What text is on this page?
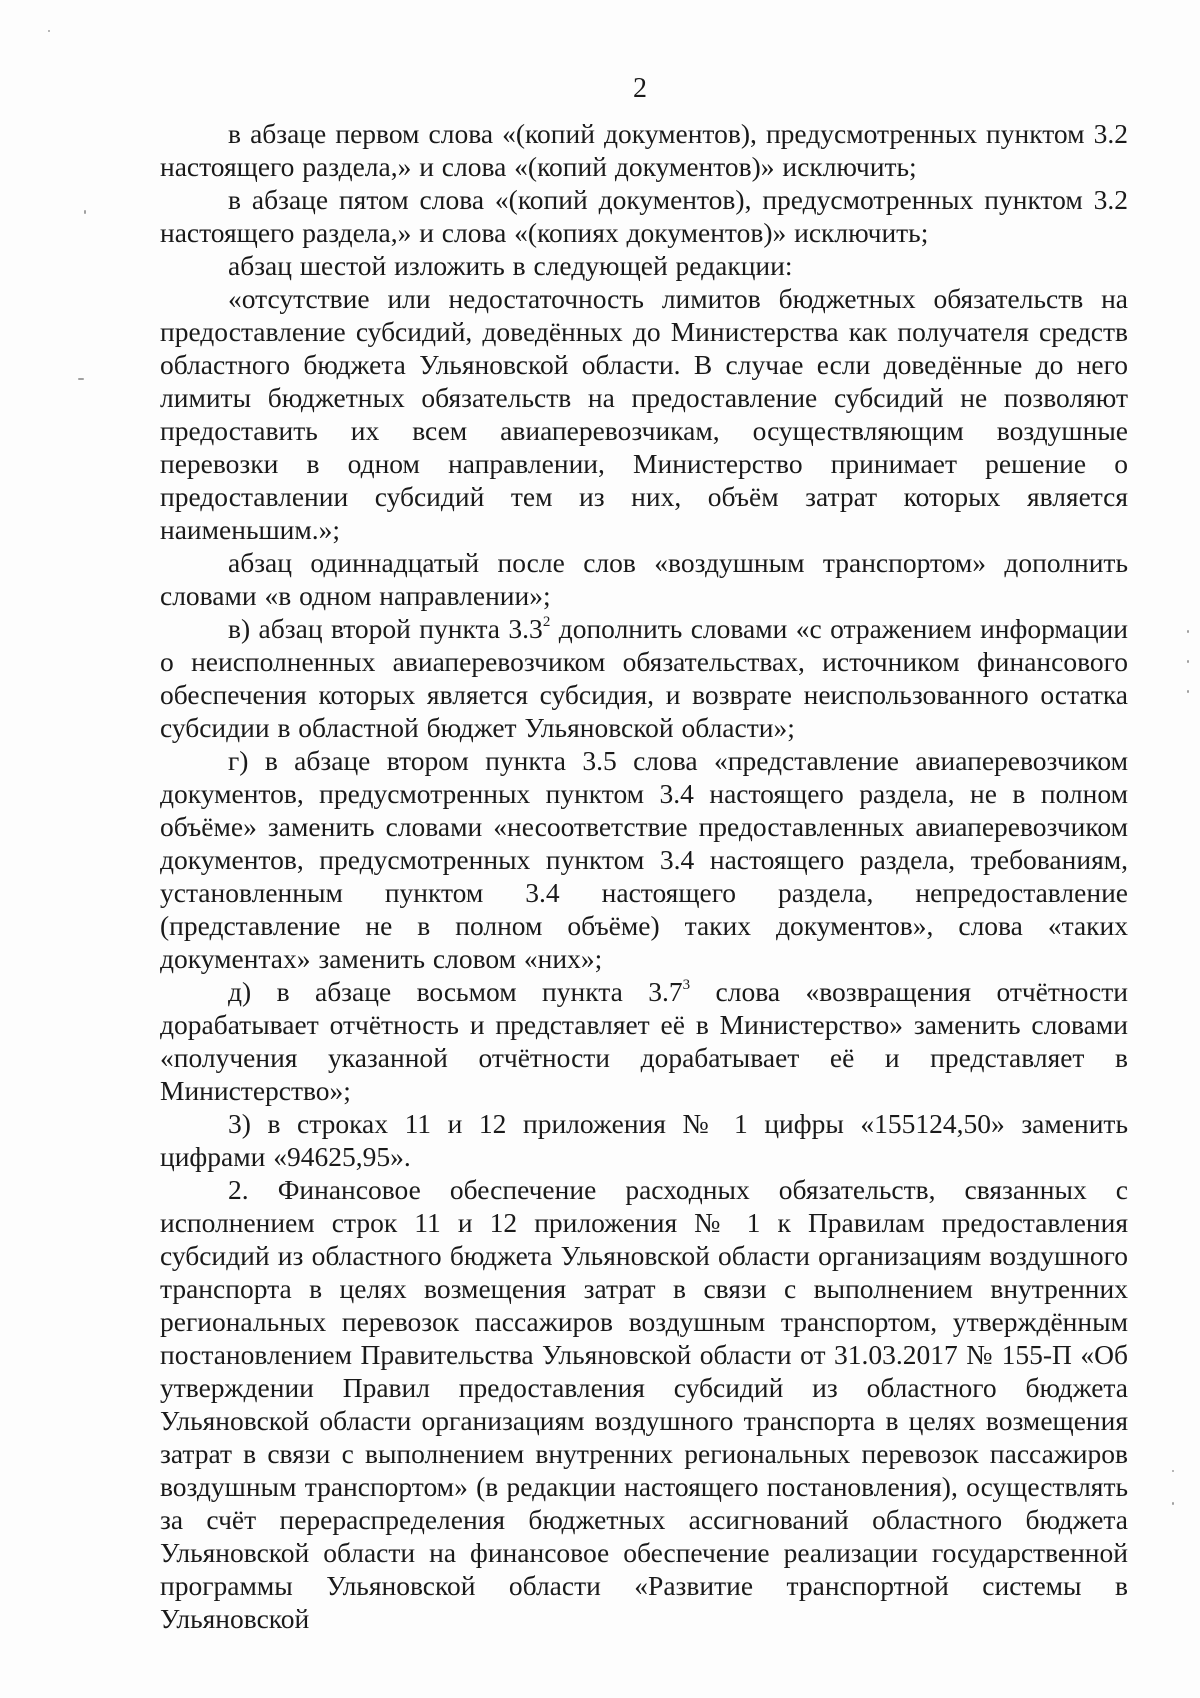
2

в абзаце первом слова «(копий документов), предусмотренных пунктом 3.2 настоящего раздела,» и слова «(копий документов)» исключить;

в абзаце пятом слова «(копий документов), предусмотренных пунктом 3.2 настоящего раздела,» и слова «(копиях документов)» исключить;

абзац шестой изложить в следующей редакции:

«отсутствие или недостаточность лимитов бюджетных обязательств на предоставление субсидий, доведённых до Министерства как получателя средств областного бюджета Ульяновской области. В случае если доведённые до него лимиты бюджетных обязательств на предоставление субсидий не позволяют предоставить их всем авиаперевозчикам, осуществляющим воздушные перевозки в одном направлении, Министерство принимает решение о предоставлении субсидий тем из них, объём затрат которых является наименьшим.»;

абзац одиннадцатый после слов «воздушным транспортом» дополнить словами «в одном направлении»;

в) абзац второй пункта $3.3^2$ дополнить словами «с отражением информации о неисполненных авиаперевозчиком обязательствах, источником финансового обеспечения которых является субсидия, и возврате неиспользованного остатка субсидии в областной бюджет Ульяновской области»;

г) в абзаце втором пункта 3.5 слова «представление авиаперевозчиком документов, предусмотренных пунктом 3.4 настоящего раздела, не в полном объёме» заменить словами «несоответствие предоставленных авиаперевозчиком документов, предусмотренных пунктом 3.4 настоящего раздела, требованиям, установленным пунктом 3.4 настоящего раздела, непредоставление (представление не в полном объёме) таких документов», слова «таких документах» заменить словом «них»;

д) в абзаце восьмом пункта $3.7^3$ слова «возвращения отчётности дорабатывает отчётность и представляет её в Министерство» заменить словами «получения указанной отчётности дорабатывает её и представляет в Министерство»;

3) в строках 11 и 12 приложения № 1 цифры «155124,50» заменить цифрами «94625,95».

2. Финансовое обеспечение расходных обязательств, связанных с исполнением строк 11 и 12 приложения № 1 к Правилам предоставления субсидий из областного бюджета Ульяновской области организациям воздушного транспорта в целях возмещения затрат в связи с выполнением внутренних региональных перевозок пассажиров воздушным транспортом, утверждённым постановлением Правительства Ульяновской области от 31.03.2017 № 155-П «Об утверждении Правил предоставления субсидий из областного бюджета Ульяновской области организациям воздушного транспорта в целях возмещения затрат в связи с выполнением внутренних региональных перевозок пассажиров воздушным транспортом» (в редакции настоящего постановления), осуществлять за счёт перераспределения бюджетных ассигнований областного бюджета Ульяновской области на финансовое обеспечение реализации государственной программы Ульяновской области «Развитие транспортной системы в Ульяновской
